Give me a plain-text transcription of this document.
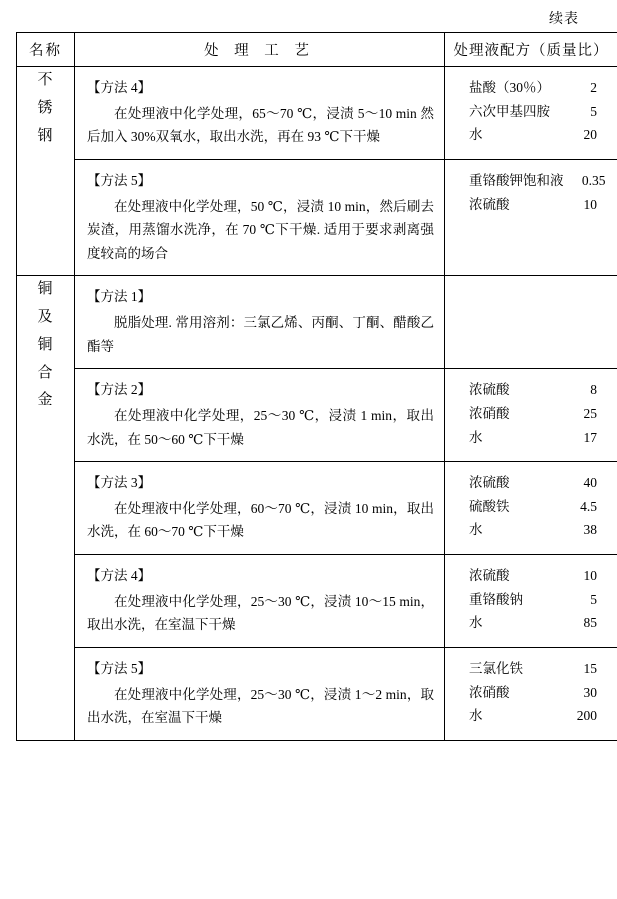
续表
名称	处 理 工 艺	处理液配方（质量比）

不
锈
钢

【方法 4】

在处理液中化学处理，65～70 ℃，浸渍 5～10 min 然后加入 30%双氧水，取出水洗，再在 93 ℃下干燥

盐酸（30％）	2
六次甲基四胺	5
水	20

【方法 5】

在处理液中化学处理，50 ℃，浸渍 10 min，然后刷去炭渣，用蒸馏水洗净，在 70 ℃下干燥. 适用于要求剥离强度较高的场合

重铬酸钾饱和液	0.35
浓硫酸	10

铜
及
铜
合
金

【方法 1】

脱脂处理. 常用溶剂：三氯乙烯、丙酮、丁酮、醋酸乙酯等

【方法 2】

在处理液中化学处理，25～30 ℃，浸渍 1 min，取出水洗，在 50～60 ℃下干燥

浓硫酸	8
浓硝酸	25
水	17

【方法 3】

在处理液中化学处理，60～70 ℃，浸渍 10 min，取出水洗，在 60～70 ℃下干燥

浓硫酸	40
硫酸铁	4.5
水	38

【方法 4】

在处理液中化学处理，25～30 ℃，浸渍 10～15 min，取出水洗，在室温下干燥

浓硫酸	10
重铬酸钠	5
水	85

【方法 5】

在处理液中化学处理，25～30 ℃，浸渍 1～2 min，取出水洗，在室温下干燥

三氯化铁	15
浓硝酸	30
水	200
